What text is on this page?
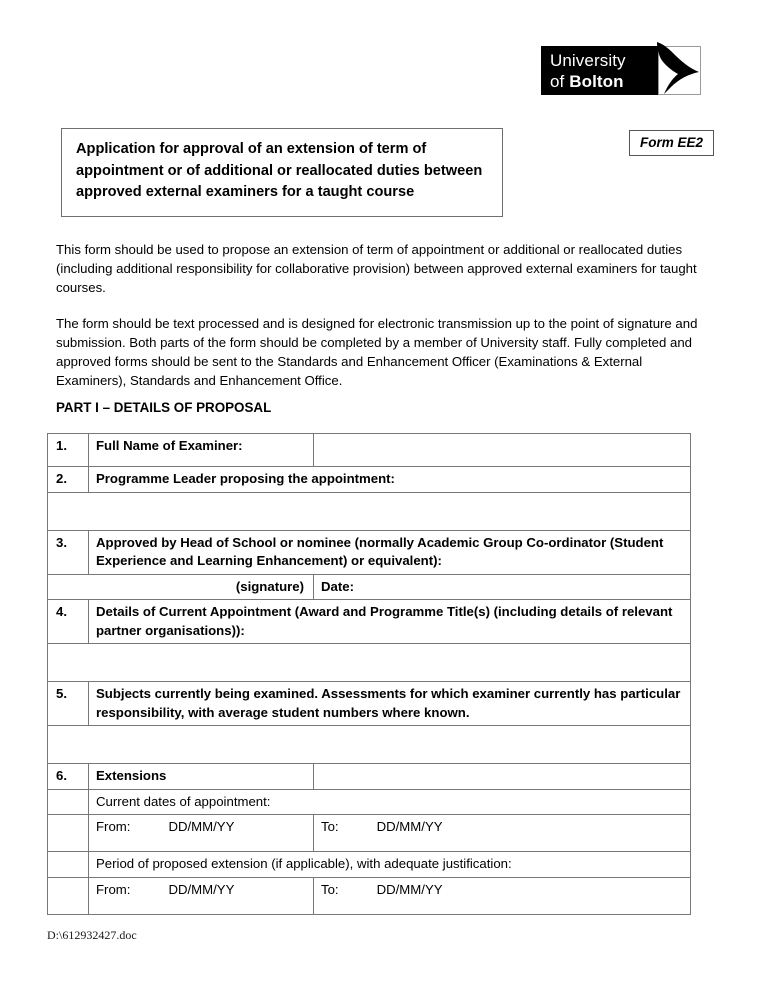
University
of Bolton
Form EE2
Application for approval of an extension of term of appointment or of additional or reallocated duties between approved external examiners for a taught course

This form should be used to propose an extension of term of appointment or additional or reallocated duties (including additional responsibility for collaborative provision) between approved external examiners for taught courses.

The form should be text processed and is designed for electronic transmission up to the point of signature and submission. Both parts of the form should be completed by a member of University staff. Fully completed and approved forms should be sent to the Standards and Enhancement Officer (Examinations & External Examiners), Standards and Enhancement Office.

PART I – DETAILS OF PROPOSAL
1.	Full Name of Examiner:	
2.	Programme Leader proposing the appointment:	

3.	Approved by Head of School or nominee (normally Academic Group Co-ordinator (Student Experience and Learning Enhancement) or equivalent):	
(signature)		Date:
4.	Details of Current Appointment (Award and Programme Title(s) (including details of relevant partner organisations)):	

5.	Subjects currently being examined. Assessments for which examiner currently has particular responsibility, with average student numbers where known.	

6.	Extensions	
	Current dates of appointment:	
	From: DD/MM/YY	To: DD/MM/YY
	Period of proposed extension (if applicable), with adequate justification:	
	From: DD/MM/YY	To: DD/MM/YY
D:\612932427.doc
